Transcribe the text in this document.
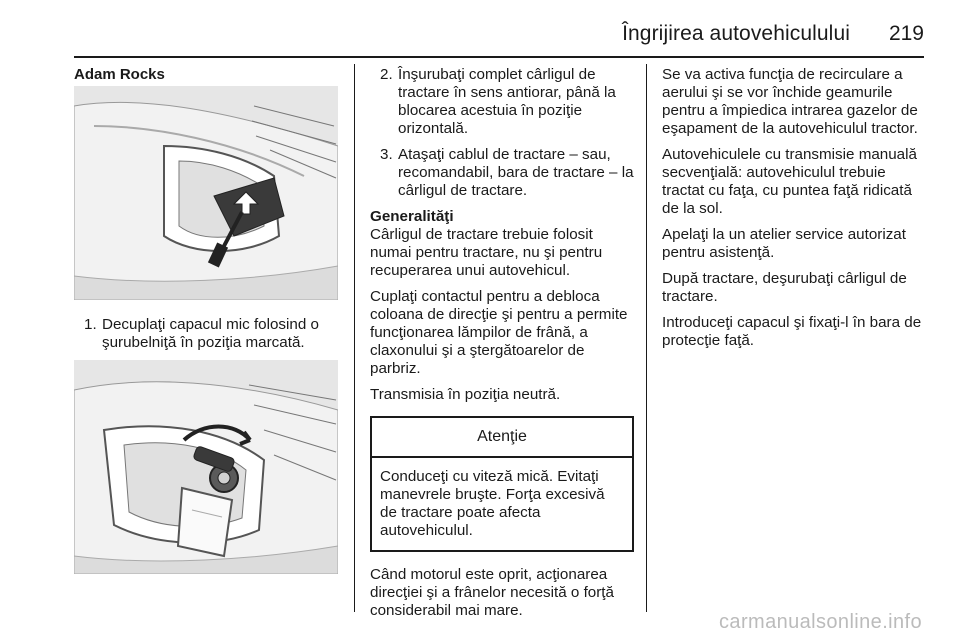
Îngrijirea autovehiculului 219
Adam Rocks
1. Decuplaţi capacul mic folosind o şurubelniţă în poziţia marcată.
2. Înşurubaţi complet cârligul de tractare în sens antiorar, până la blocarea acestuia în poziţie orizontală.
3. Ataşaţi cablul de tractare – sau, recomandabil, bara de tractare – la cârligul de tractare.
Generalităţi
Cârligul de tractare trebuie folosit numai pentru tractare, nu şi pentru recuperarea unui autovehicul.
Cuplaţi contactul pentru a debloca coloana de direcţie şi pentru a permite funcţionarea lămpilor de frână, a claxonului şi a ştergătoarelor de parbriz.
Transmisia în poziţia neutră.
Atenţie
Conduceţi cu viteză mică. Evitaţi manevrele bruşte. Forţa excesivă de tractare poate afecta autovehiculul.
Când motorul este oprit, acţionarea direcţiei şi a frânelor necesită o forţă considerabil mai mare.
Se va activa funcţia de recirculare a aerului şi se vor închide geamurile pentru a împiedica intrarea gazelor de eşapament de la autovehiculul tractor.
Autovehiculele cu transmisie manuală secvenţială: autovehiculul trebuie tractat cu faţa, cu puntea faţă ridicată de la sol.
Apelaţi la un atelier service autorizat pentru asistenţă.
După tractare, deşurubaţi cârligul de tractare.
Introduceţi capacul şi fixaţi-l în bara de protecţie faţă.
carmanualsonline.info
